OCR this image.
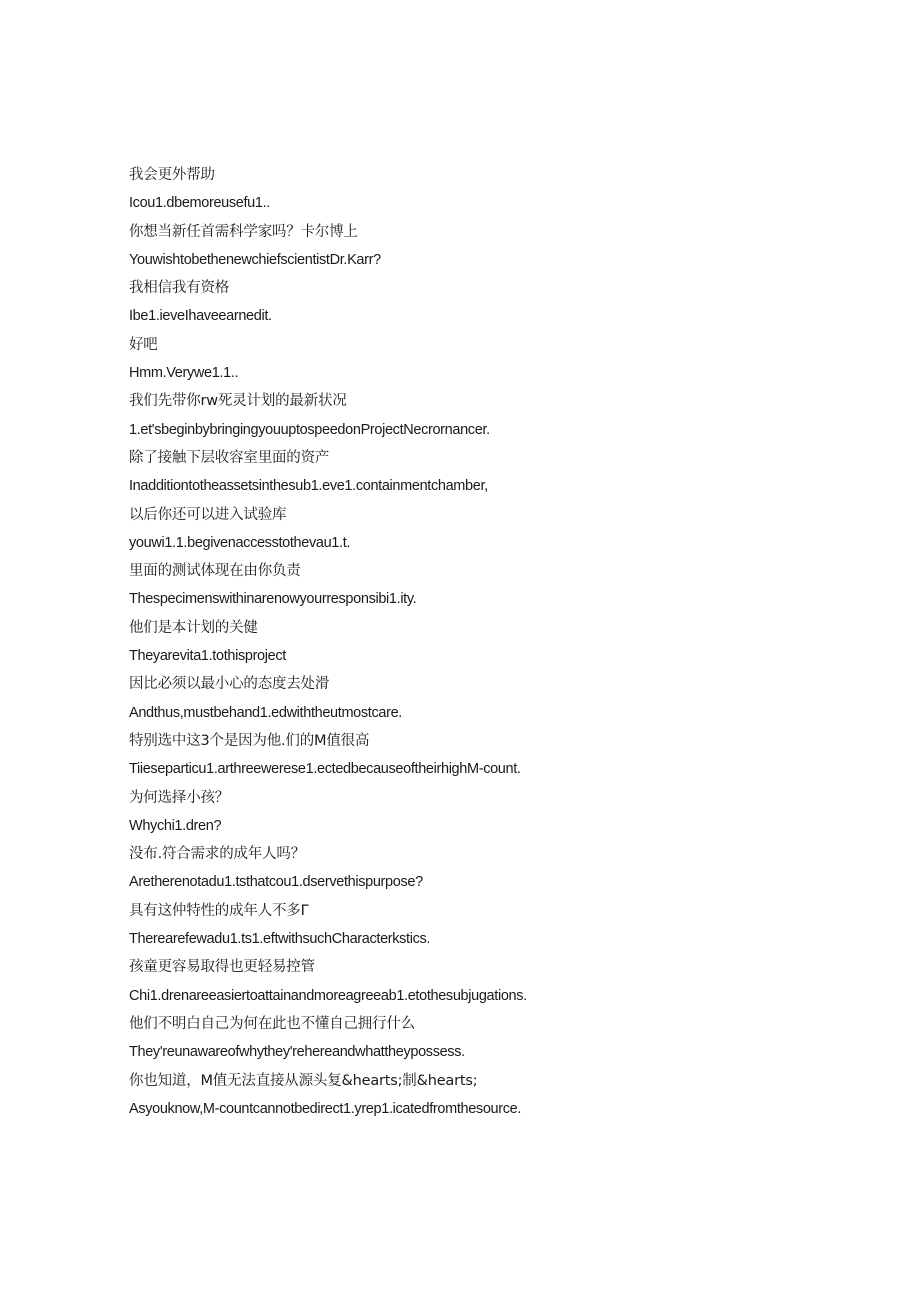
我会更外帮助
Icou1.dbemoreusefu1..
你想当新任首需科学家吗？卡尔博上
YouwishtobethenewchiefscientistDr.Karr?
我相信我有资格
Ibe1.ieveIhaveearnedit.
好吧
Hmm.Verywe1.1..
我们先带你rw死灵计划的最新状况
1.et'sbeginbybringingyouuptospeedonProjectNecrornancer.
除了接触下层收容室里面的资产
Inadditiontotheassetsinthesub1.eve1.containmentchamber,
以后你还可以进入试验库
youwi1.1.begivenaccesstothevau1.t.
里面的测试体现在由你负责
Thespecimenswithinarenowyourresponsibi1.ity.
他们是本计划的关健
Theyarevita1.tothisproject
因比必须以最小心的态度去处滑
Andthus,mustbehand1.edwiththeutmostcare.
特别选中这3个是因为他.们的M值很高
Tiieseparticu1.arthreewerese1.ectedbecauseoftheirhighM-count.
为何选择小孩？
Whychi1.dren?
没布.符合需求的成年人吗？
Aretherenotadu1.tsthatcou1.dservethispurpose?
具有这仲特性的成年人不多Г
Therearefewadu1.ts1.eftwithsuchCharacterkstics.
孩童更容易取得也更轻易控管
Chi1.drenareeasiertoattainandmoreagreeab1.etothesubjugations.
他们不明白自己为何在此也不懂自己拥行什么
They'reunawareofwhythey'rehereandwhattheypossess.
你也知道，M值无法直接从源头复&hearts;制&hearts;
Asyouknow,M-countcannotbedirect1.yrep1.icatedfromthesource.
